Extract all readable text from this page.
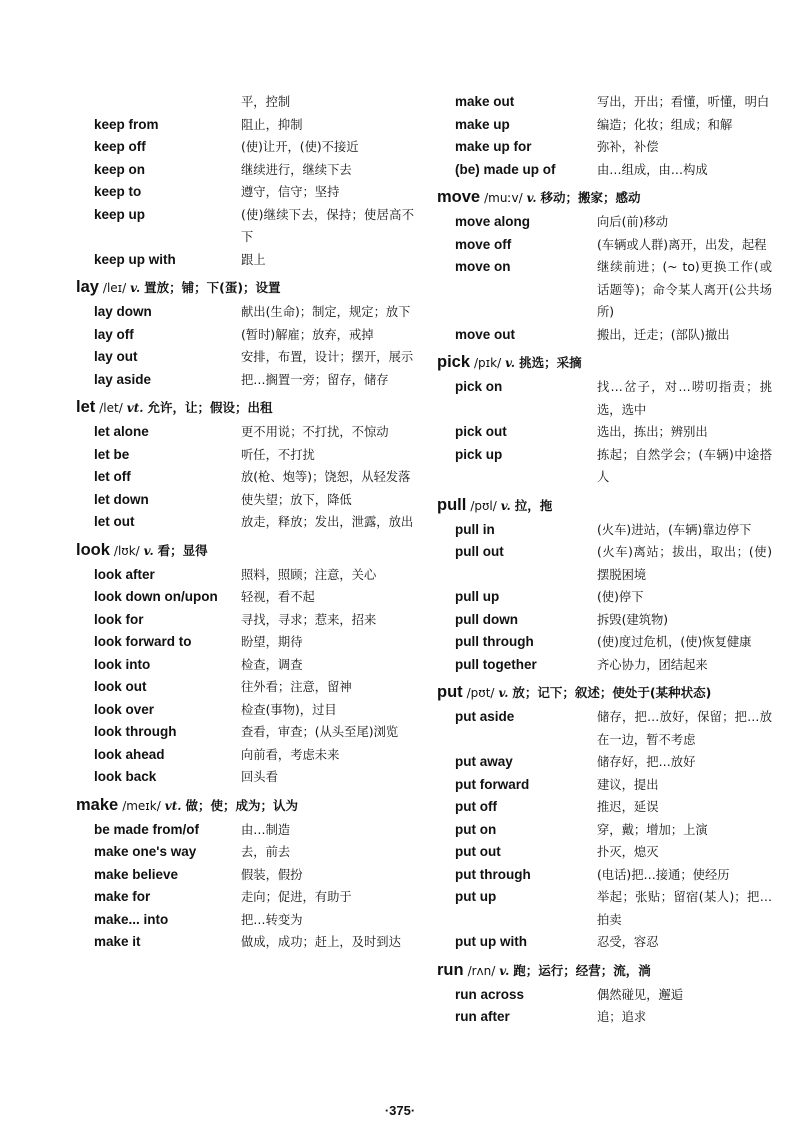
平，控制
keep from	阻止，抑制
keep off	(使)让开，(使)不接近
keep on	继续进行，继续下去
keep to	遵守，信守；坚持
keep up	(使)继续下去，保持；使居高不下
keep up with	跟上
lay /leɪ/ v. 置放；铺；下(蛋)；设置
lay down	献出(生命)；制定，规定；放下
lay off	(暂时)解雇；放弃，戒掉
lay out	安排，布置，设计；摆开，展示
lay aside	把…搁置一旁；留存，储存
let /let/ vt. 允许，让；假设；出租
let alone	更不用说；不打扰，不惊动
let be	听任，不打扰
let off	放(枪、炮等)；饶恕，从轻发落
let down	使失望；放下，降低
let out	放走，释放；发出，泄露，放出
look /lʊk/ v. 看；显得
look after	照料，照顾；注意，关心
look down on/upon 轻视，看不起
look for	寻找，寻求；惹来，招来
look forward to	盼望，期待
look into	检查，调查
look out	往外看；注意，留神
look over	检查(事物)，过目
look through	查看，审查；(从头至尾)浏览
look ahead	向前看，考虑未来
look back	回头看
make /meɪk/ vt. 做；使；成为；认为
be made from/of	由…制造
make one's way	去，前去
make believe	假装，假扮
make for	走向；促进，有助于
make... into	把…转变为
make it	做成，成功；赶上，及时到达
make out	写出，开出；看懂，听懂，明白
make up	编造；化妆；组成；和解
make up for	弥补，补偿
(be) made up of	由…组成，由…构成
move /muːv/ v. 移动；搬家；感动
move along	向后(前)移动
move off	(车辆或人群)离开，出发，起程
move on	继续前进；(~ to)更换工作(或话题等)；命令某人离开(公共场所)
move out	搬出，迁走；(部队)撤出
pick /pɪk/ v. 挑选；采摘
pick on	找…岔子，对…唠叨指责；挑选，选中
pick out	选出，拣出；辨别出
pick up	拣起；自然学会；(车辆)中途搭人
pull /pʊl/ v. 拉，拖
pull in	(火车)进站，(车辆)靠边停下
pull out	(火车)离站；拔出，取出；(使)摆脱困境
pull up	(使)停下
pull down	拆毁(建筑物)
pull through	(使)度过危机，(使)恢复健康
pull together	齐心协力，团结起来
put /pʊt/ v. 放；记下；叙述；使处于(某种状态)
put aside	储存，把…放好，保留；把…放在一边，暂不考虑
put away	储存好，把…放好
put forward	建议，提出
put off	推迟，延误
put on	穿，戴；增加；上演
put out	扑灭，熄灭
put through	(电话)把…接通；使经历
put up	举起；张贴；留宿(某人)；把…拍卖
put up with	忍受，容忍
run /rʌn/ v. 跑；运行；经营；流，淌
run across	偶然碰见，邂逅
run after	追；追求
·375·
